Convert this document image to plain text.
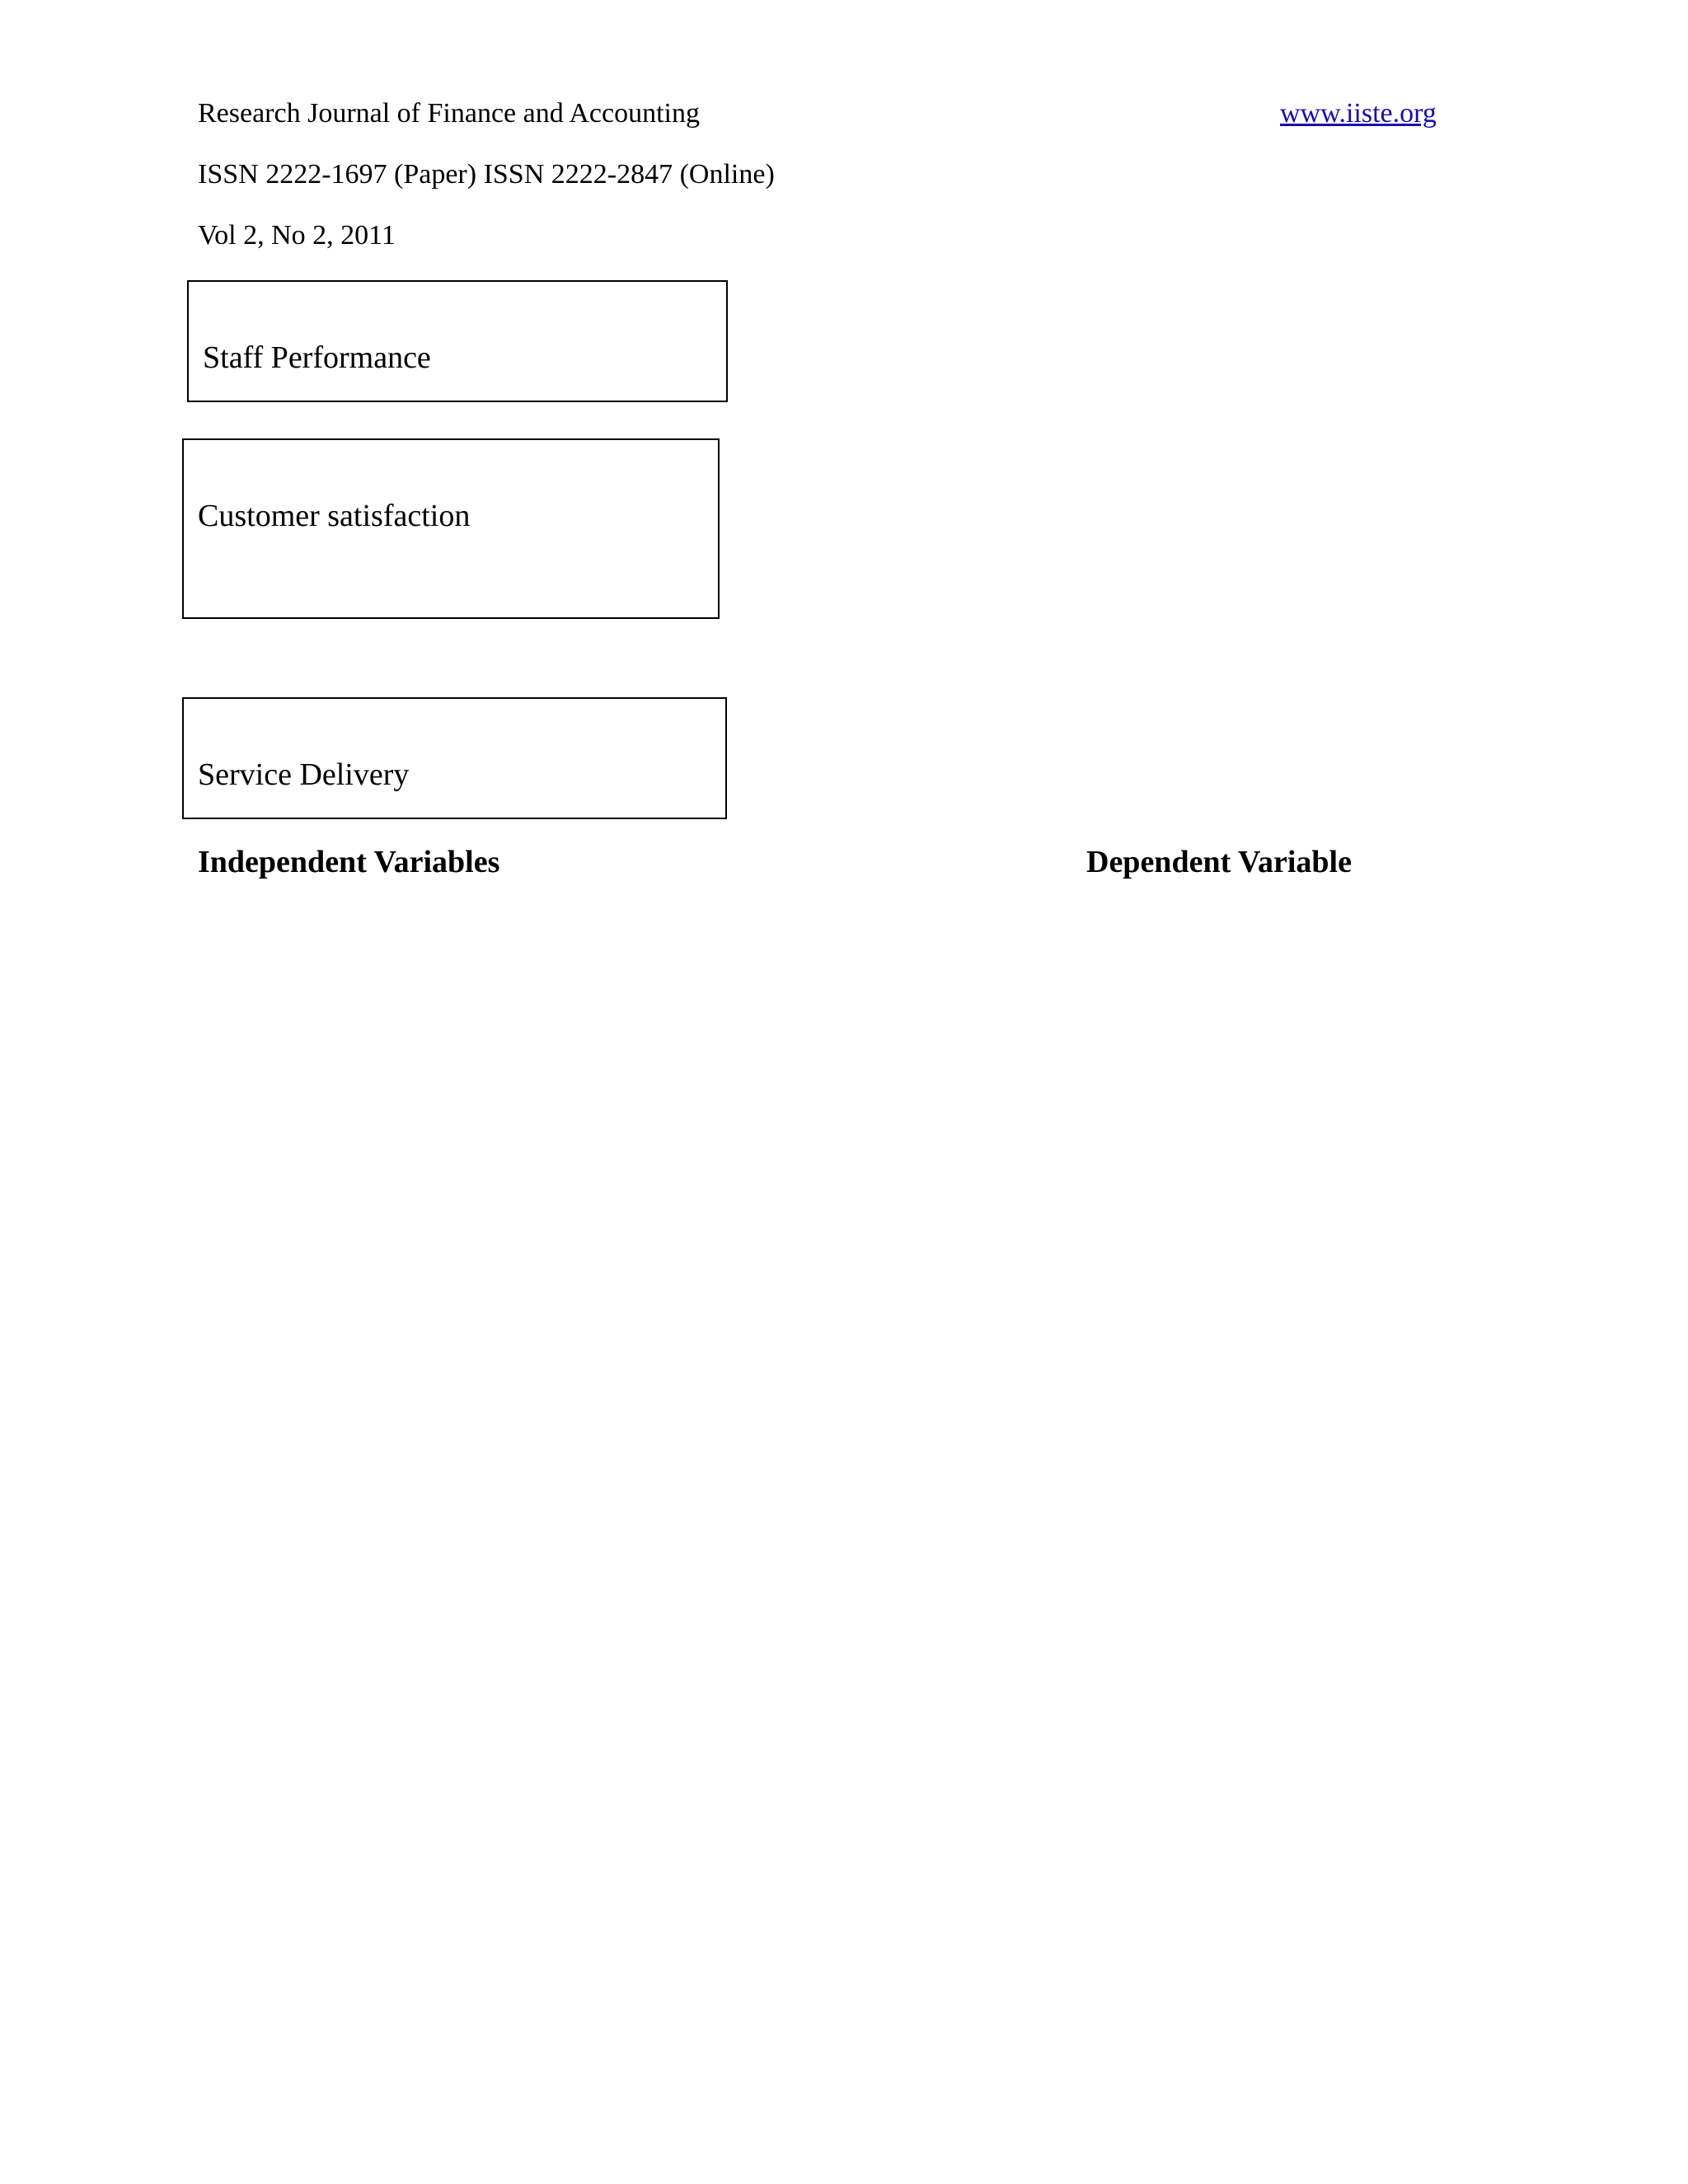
Research Journal of Finance and Accounting	www.iiste.org
ISSN 2222-1697 (Paper) ISSN 2222-2847 (Online)
Vol 2, No 2, 2011
Staff Performance
Customer satisfaction
Service Delivery
Independent Variables	Dependent Variable
